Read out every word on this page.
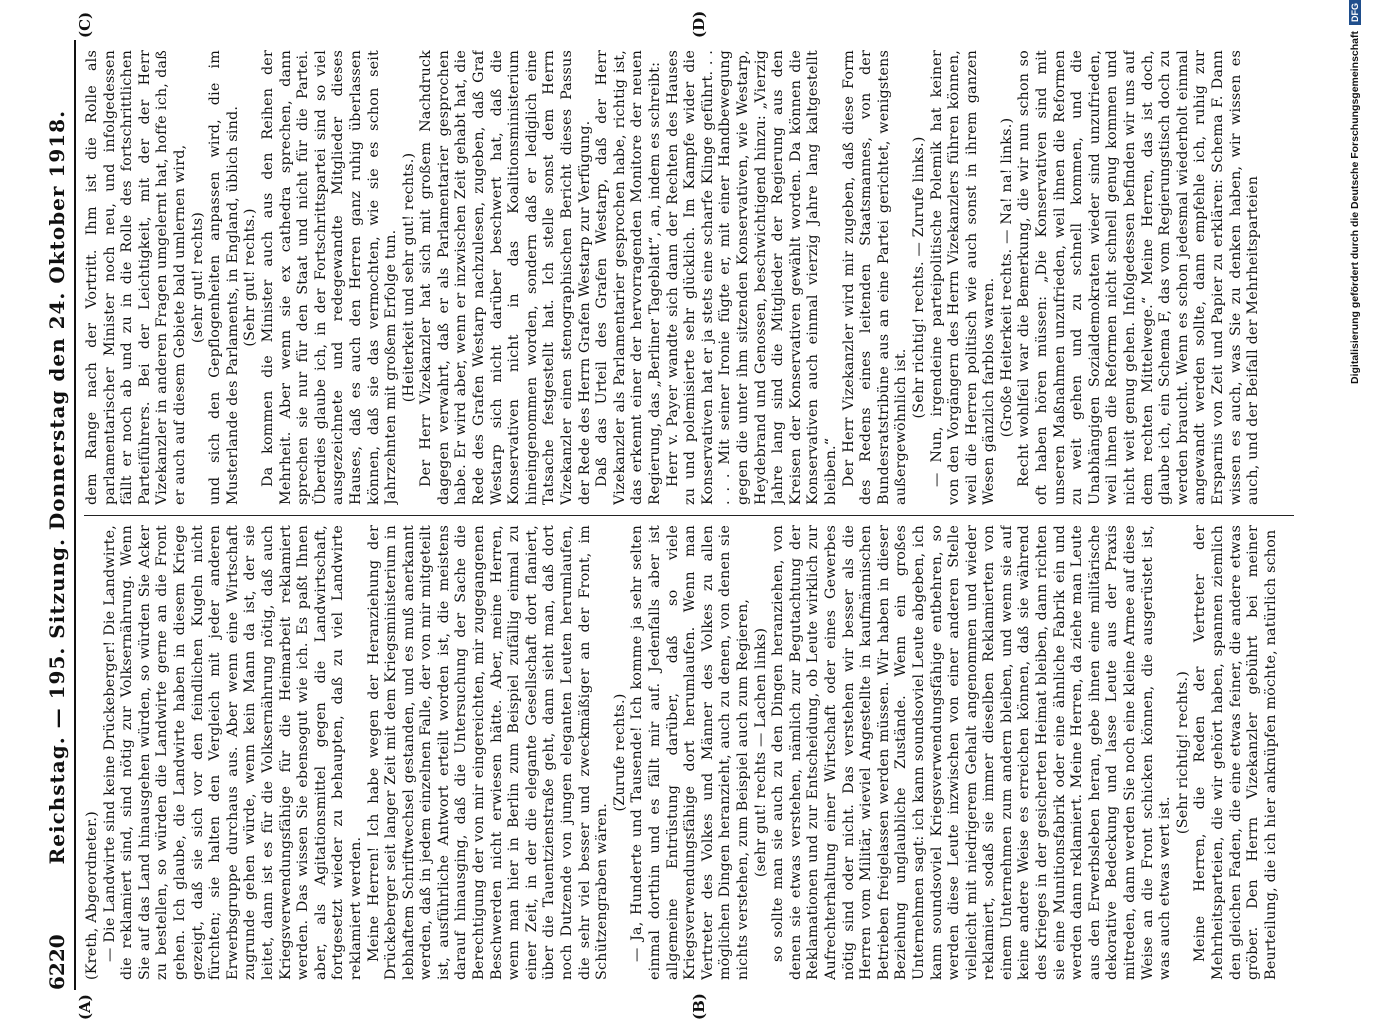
6220
Reichstag. — 195. Sitzung. Donnerstag den 24. Oktober 1918.
(A)	(B)
(C)	(D)

(Kreth, Abgeordneter.) — Die Landwirte sind keine Drückeberger! Die Landwirte, die reklamiert sind, sind nötig zur Volksernährung. Wenn Sie auf das Land hinausgehen würden, so würden Sie Acker zu bestellen, so würden die Landwirte gerne an die Front gehen. Ich glaube, die Landwirte haben in diesem Kriege gezeigt, daß sie sich vor den feindlichen Kugeln nicht fürchten; sie halten den Vergleich mit jeder anderen Erwerbsgruppe durchaus aus. Aber wenn eine Wirtschaft zugrunde gehen würde, wenn kein Mann da ist, der sie leitet, dann ist es für die Volksernährung nötig, daß auch Kriegsverwendungsfähige für die Heimarbeit reklamiert werden. Das wissen Sie ebensogut wie ich. Es paßt Ihnen aber, als Agitationsmittel gegen die Landwirtschaft, fortgesetzt wieder zu behaupten, daß zu viel Landwirte reklamiert werden. Meine Herren! Ich habe wegen der Heranziehung der Drückeberger seit langer Zeit mit dem Kriegsministerium in lebhaftem Schriftwechsel gestanden, und es muß anerkannt werden, daß in jedem einzelnen Falle, der von mir mitgeteilt ist, ausführliche Antwort erteilt worden ist, die meistens darauf hinausging, daß die Untersuchung der Sache die Berechtigung der von mir eingereichten, mir zugegangenen Beschwerden nicht erwiesen hätte. Aber, meine Herren, wenn man hier in Berlin zum Beispiel zufällig einmal zu einer Zeit, in der die elegante Gesellschaft dort flaniert, über die Tauentzienstraße geht, dann sieht man, daß dort noch Dutzende von jungen eleganten Leuten herumlaufen, die sehr viel besser und zweckmäßiger an der Front, im Schützengraben wären.

(Zurufe rechts.) — Ja, Hunderte und Tausende! Ich komme ja sehr selten einmal dorthin und es fällt mir auf. Jedenfalls aber ist allgemeine Entrüstung darüber, daß so viele Kriegsverwendungsfähige dort herumlaufen. Wenn man Vertreter des Volkes und Männer des Volkes zu allen möglichen Dingen heranzieht, auch zu denen, von denen sie nichts verstehen, zum Beispiel auch zum Regieren, (sehr gut! rechts — Lachen links) so sollte man sie auch zu den Dingen heranziehen, von denen sie etwas verstehen, nämlich zur Begutachtung der Reklamationen und zur Entscheidung, ob Leute wirklich zur Aufrechterhaltung einer Wirtschaft oder eines Gewerbes nötig sind oder nicht. Das verstehen wir besser als die Herren vom Militär, wieviel Angestellte in kaufmännischen Betrieben freigelassen werden müssen. Wir haben in dieser Beziehung unglaubliche Zustände. Wenn ein großes Unternehmen sagt: ich kann soundsoviel Leute abgeben, ich kann soundsoviel Kriegsverwendungsfähige entbehren, so werden diese Leute inzwischen von einer anderen Stelle vielleicht mit niedrigerem Gehalt angenommen und wieder reklamiert, sodaß sie immer dieselben Reklamierten von einem Unternehmen zum andern bleiben, und wenn sie auf keine andere Weise es erreichen können, daß sie während des Krieges in der gesicherten Heimat bleiben, dann richten sie eine Munitionsfabrik oder eine ähnliche Fabrik ein und werden dann reklamiert. Meine Herren, da ziehe man Leute aus den Erwerbsleben heran, gebe ihnen eine militärische dekorative Bedeckung und lasse Leute aus der Praxis mitreden, dann werden Sie noch eine kleine Armee auf diese Weise an die Front schicken können, die ausgerüstet ist, was auch etwas wert ist.

(Sehr richtig! rechts.) Meine Herren, die Reden der Vertreter der Mehrheitsparteien, die wir gehört haben, spannen ziemlich den gleichen Faden, die eine etwas feiner, die andere etwas gröber. Den Herrn Vizekanzler gebührt bei meiner Beurteilung, die ich hier anknüpfen möchte, natürlich schon

dem Range nach der Vortritt. Ihm ist die Rolle als parlamentarischer Minister noch neu, und infolgedessen fällt er noch ab und zu in die Rolle des fortschrittlichen Parteiführers. Bei der Leichtigkeit, mit der der Herr Vizekanzler in anderen Fragen umgelernt hat, hoffe ich, daß er auch auf diesem Gebiete bald umlernen wird, (sehr gut! rechts) und sich den Gepflogenheiten anpassen wird, die im Musterlande des Parlaments, in England, üblich sind. (Sehr gut! rechts.) Da kommen die Minister auch aus den Reihen der Mehrheit. Aber wenn sie ex cathedra sprechen, dann sprechen sie nur für den Staat und nicht für die Partei. Überdies glaube ich, in der Fortschrittspartei sind so viel ausgezeichnete und redegewandte Mitglieder dieses Hauses, daß es auch den Herren ganz ruhig überlassen können, daß sie das vermochten, wie sie es schon seit Jahrzehnten mit großem Erfolge tun. (Heiterkeit und sehr gut! rechts.) Der Herr Vizekanzler hat sich mit großem Nachdruck dagegen verwahrt, daß er als Parlamentarier gesprochen habe. Er wird aber, wenn er inzwischen Zeit gehabt hat, die Rede des Grafen Westarp nachzulesen, zugeben, daß Graf Westarp sich nicht darüber beschwert hat, daß die Konservativen nicht in das Koalitionsministerium hineingenommen worden, sondern daß er lediglich eine Tatsache festgestellt hat. Ich stelle sonst dem Herrn Vizekanzler einen stenographischen Bericht dieses Passus der Rede des Herrn Grafen Westarp zur Verfügung. Daß das Urteil des Grafen Westarp, daß der Herr Vizekanzler als Parlamentarier gesprochen habe, richtig ist, das erkennt einer der hervorragenden Monitore der neuen Regierung, das „Berliner Tageblatt“, an, indem es schreibt: Herr v. Payer wandte sich dann der Rechten des Hauses zu und polemisierte sehr glücklich. Im Kampfe wider die Konservativen hat er ja stets eine scharfe Klinge geführt. . . . . . Mit seiner Ironie fügte er, mit einer Handbewegung gegen die unter ihm sitzenden Konservativen, wie Westarp, Heydebrand und Genossen, beschwichtigend hinzu: „Vierzig Jahre lang sind die Mitglieder der Regierung aus den Kreisen der Konservativen gewählt worden. Da können die Konservativen auch einmal vierzig Jahre lang kaltgestellt bleiben.“ Der Herr Vizekanzler wird mir zugeben, daß diese Form des Redens eines leitenden Staatsmannes, von der Bundesratstribüne aus an eine Partei gerichtet, wenigstens außergewöhnlich ist.

(Sehr richtig! rechts. — Zurufe links.) — Nun, irgendeine parteipolitische Polemik hat keiner von den Vorgängern des Herrn Vizekanzlers führen können, weil die Herren politisch wie auch sonst in ihrem ganzen Wesen gänzlich farblos waren. (Große Heiterkeit rechts. — Na! na! links.) Recht wohlfeil war die Bemerkung, die wir nun schon so oft haben hören müssen: „Die Konservativen sind mit unseren Maßnahmen unzufrieden, weil ihnen die Reformen zu weit gehen und zu schnell kommen, und die Unabhängigen Sozialdemokraten wieder sind unzufrieden, weil ihnen die Reformen nicht schnell genug kommen und nicht weit genug gehen. Infolgedessen befinden wir uns auf dem rechten Mittelwege.“ Meine Herren, das ist doch, glaube ich, ein Schema F, das vom Regierungstisch doch zu werden braucht. Wenn es schon jedesmal wiederholt einmal angewandt werden sollte, dann empfehle ich, ruhig zur Ersparnis von Zeit und Papier zu erklären: Schema F. Dann wissen es auch, was Sie zu denken haben, wir wissen es auch, und der Beifall der Mehrheitsparteien	Digitalisierung gefördert durch die Deutsche Forschungsgemeinschaft
DFG
